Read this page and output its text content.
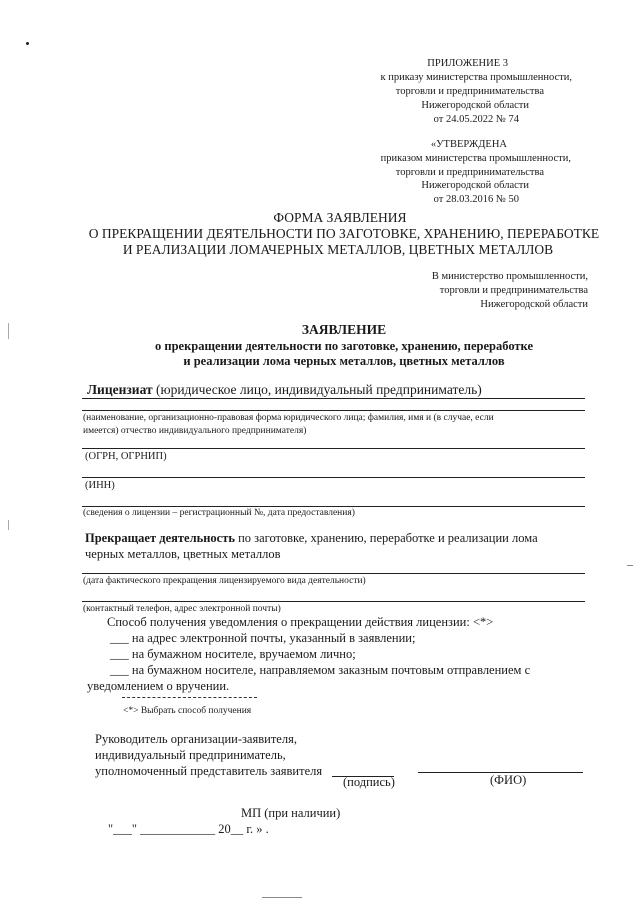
ПРИЛОЖЕНИЕ 3
к приказу министерства промышленности,
торговли и предпринимательства
Нижегородской области
от 24.05.2022 № 74
«УТВЕРЖДЕНА
приказом министерства промышленности,
торговли и предпринимательства
Нижегородской области
от 28.03.2016 № 50
ФОРМА ЗАЯВЛЕНИЯ
О ПРЕКРАЩЕНИИ ДЕЯТЕЛЬНОСТИ ПО ЗАГОТОВКЕ, ХРАНЕНИЮ, ПЕРЕРАБОТКЕ
И РЕАЛИЗАЦИИ ЛОМАЧЕРНЫХ МЕТАЛЛОВ, ЦВЕТНЫХ МЕТАЛЛОВ
В министерство промышленности,
торговли и предпринимательства
Нижегородской области
ЗАЯВЛЕНИЕ
о прекращении деятельности по заготовке, хранению, переработке
и реализации лома черных металлов, цветных металлов
Лицензиат (юридическое лицо, индивидуальный предприниматель)
(наименование, организационно-правовая форма юридического лица; фамилия, имя и (в случае, если
имеется) отчество индивидуального предпринимателя)
(ОГРН, ОГРНИП)
(ИНН)
(сведения о лицензии – регистрационный №, дата предоставления)
Прекращает деятельность по заготовке, хранению, переработке и реализации лома
черных металлов, цветных металлов
(дата фактического прекращения лицензируемого вида деятельности)
(контактный телефон, адрес электронной почты)
Способ получения уведомления о прекращении действия лицензии: <*>
___ на адрес электронной почты, указанный в заявлении;
___ на бумажном носителе, вручаемом лично;
___ на бумажном носителе, направляемом заказным почтовым отправлением с
уведомлением о вручении.
<*> Выбрать способ получения
Руководитель организации-заявителя,
индивидуальный предприниматель,
уполномоченный представитель заявителя
(подпись)	(ФИО)
МП (при наличии)
"___" ____________ 20__ г. » .
